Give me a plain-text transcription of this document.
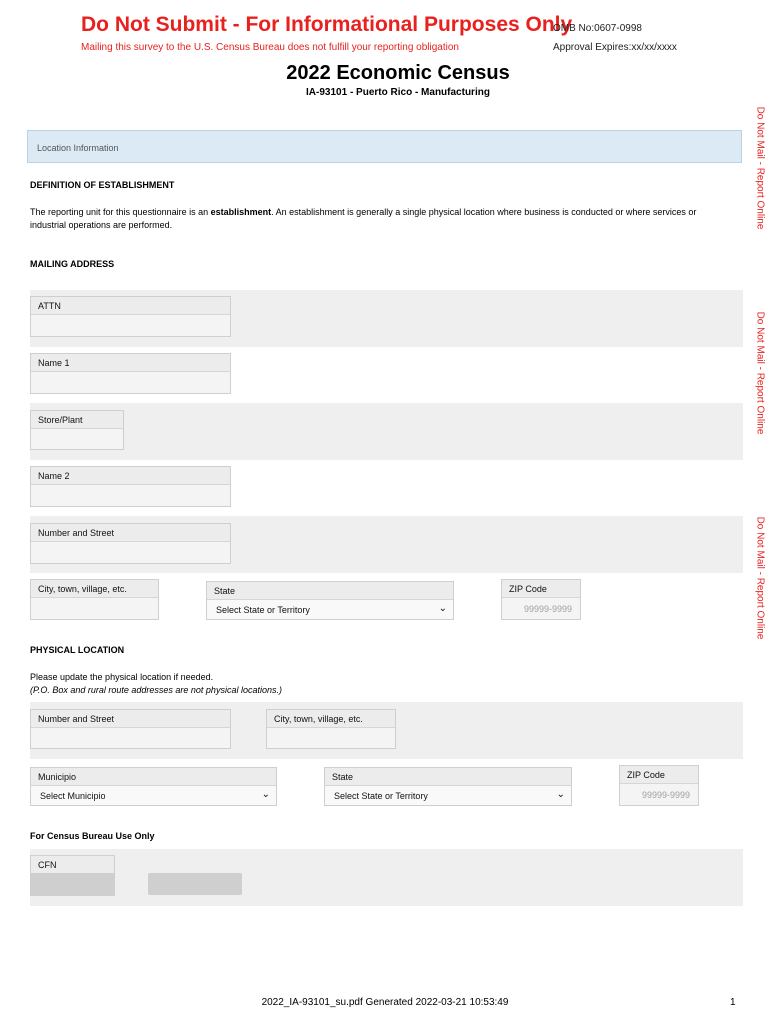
Do Not Submit - For Informational Purposes Only
Mailing this survey to the U.S. Census Bureau does not fulfill your reporting obligation
OMB No:0607-0998
Approval Expires:xx/xx/xxxx
2022 Economic Census
IA-93101 - Puerto Rico - Manufacturing
Do Not Mail - Report Online
Do Not Mail - Report Online
Do Not Mail - Report Online
Location Information
DEFINITION OF ESTABLISHMENT
The reporting unit for this questionnaire is an establishment. An establishment is generally a single physical location where business is conducted or where services or industrial operations are performed.
MAILING ADDRESS
ATTN
Name 1
Store/Plant
Name 2
Number and Street
City, town, village, etc.	State
Select State or Territory	⌄
ZIP Code
99999-9999
PHYSICAL LOCATION
Please update the physical location if needed.
(P.O. Box and rural route addresses are not physical locations.)
Number and Street	City, town, village, etc.
Municipio
Select Municipio	⌄
State
Select State or Territory	⌄
ZIP Code
99999-9999
For Census Bureau Use Only
CFN
2022_IA-93101_su.pdf Generated 2022-03-21 10:53:49	1
